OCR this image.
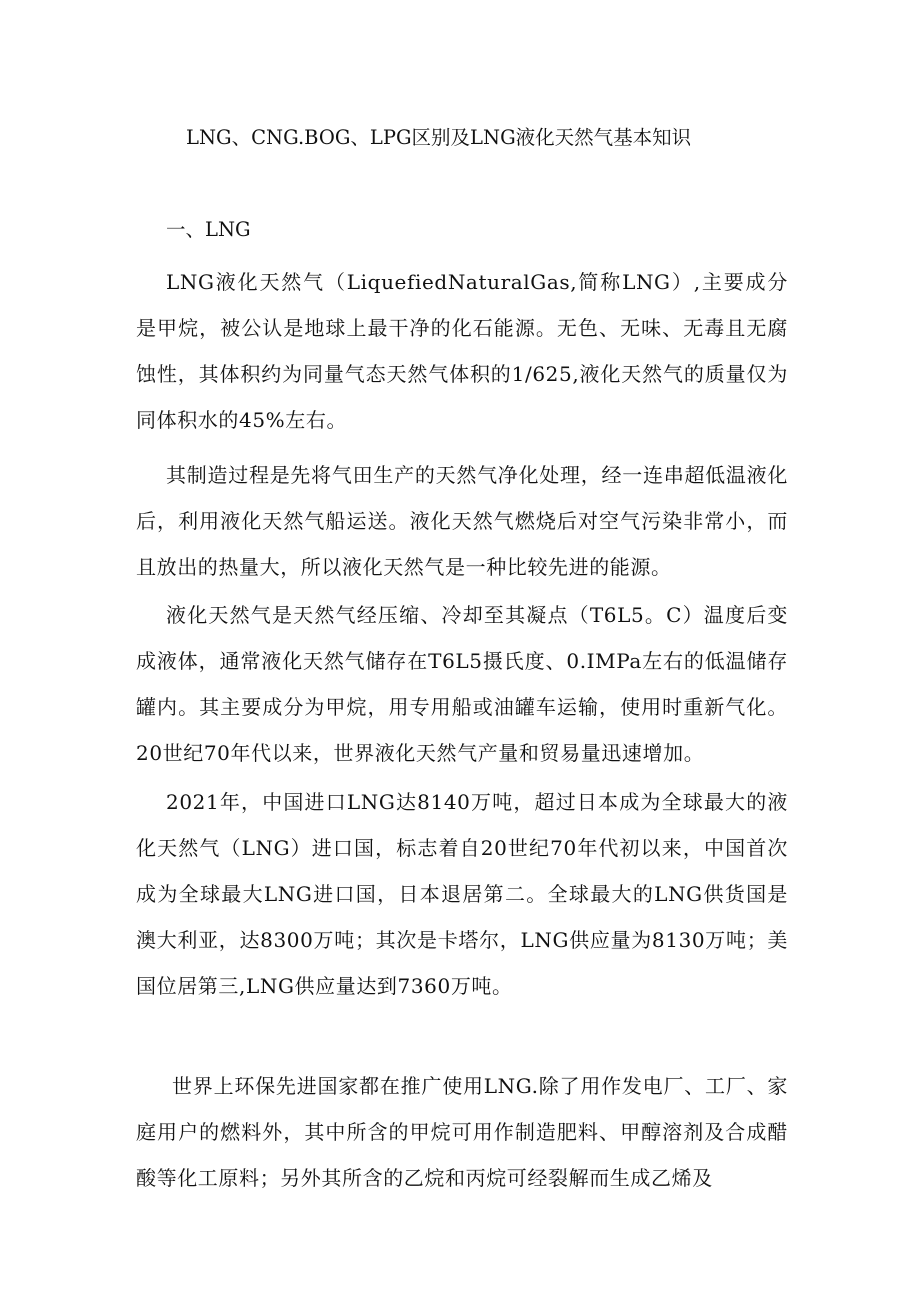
LNG、CNG.BOG、LPG区别及LNG液化天然气基本知识
一、LNG

LNG液化天然气（LiquefiedNaturalGas,简称LNG）,主要成分是甲烷，被公认是地球上最干净的化石能源。无色、无味、无毒且无腐蚀性，其体积约为同量气态天然气体积的1/625,液化天然气的质量仅为同体积水的45%左右。

其制造过程是先将气田生产的天然气净化处理，经一连串超低温液化后，利用液化天然气船运送。液化天然气燃烧后对空气污染非常小，而且放出的热量大，所以液化天然气是一种比较先进的能源。

液化天然气是天然气经压缩、冷却至其凝点（T6L5。C）温度后变成液体，通常液化天然气储存在T6L5摄氏度、0.IMPa左右的低温储存罐内。其主要成分为甲烷，用专用船或油罐车运输，使用时重新气化。20世纪70年代以来，世界液化天然气产量和贸易量迅速增加。

2021年，中国进口LNG达8140万吨，超过日本成为全球最大的液化天然气（LNG）进口国，标志着自20世纪70年代初以来，中国首次成为全球最大LNG进口国，日本退居第二。全球最大的LNG供货国是澳大利亚，达8300万吨；其次是卡塔尔，LNG供应量为8130万吨；美国位居第三,LNG供应量达到7360万吨。

世界上环保先进国家都在推广使用LNG.除了用作发电厂、工厂、家庭用户的燃料外，其中所含的甲烷可用作制造肥料、甲醇溶剂及合成醋酸等化工原料；另外其所含的乙烷和丙烷可经裂解而生成乙烯及
